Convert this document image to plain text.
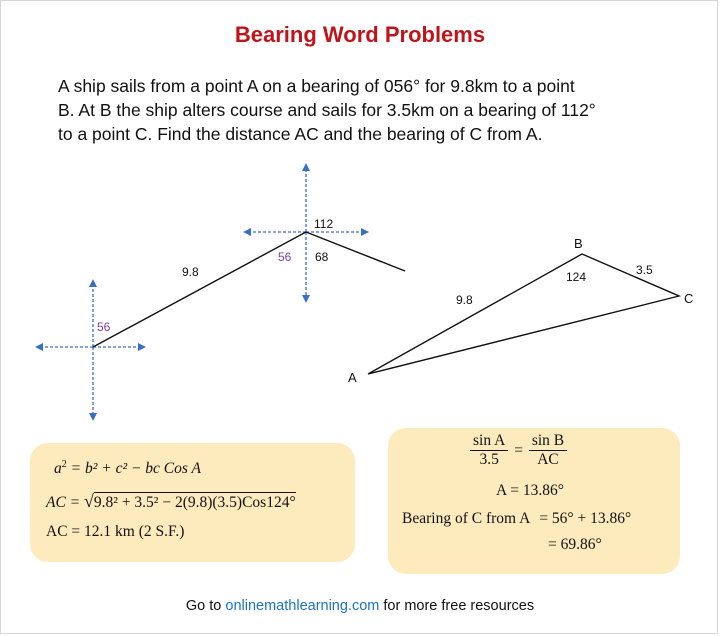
Bearing Word Problems
A ship sails from a point A on a bearing of 056° for 9.8km to a point
B. At B the ship alters course and sails for 3.5km on a bearing of 112°
to a point C. Find the distance AC and the bearing of C from A.
9.8
56
56 68
112
A
B
C
9.8
3.5
124
$a^2 = b^2 + c^2$ − bc Cos A
AC = √9.8² + 3.5² − 2(9.8)(3.5)Cos124°
AC = 12.1 km (2 S.F.)
$\frac{\text{sin A}}{3.5} = \frac{\text{sin B}}{AC}$
A = 13.86°
Bearing of C from A = 56° + 13.86°
= 69.86°
Go to onlinemathlearning.com for more free resources
